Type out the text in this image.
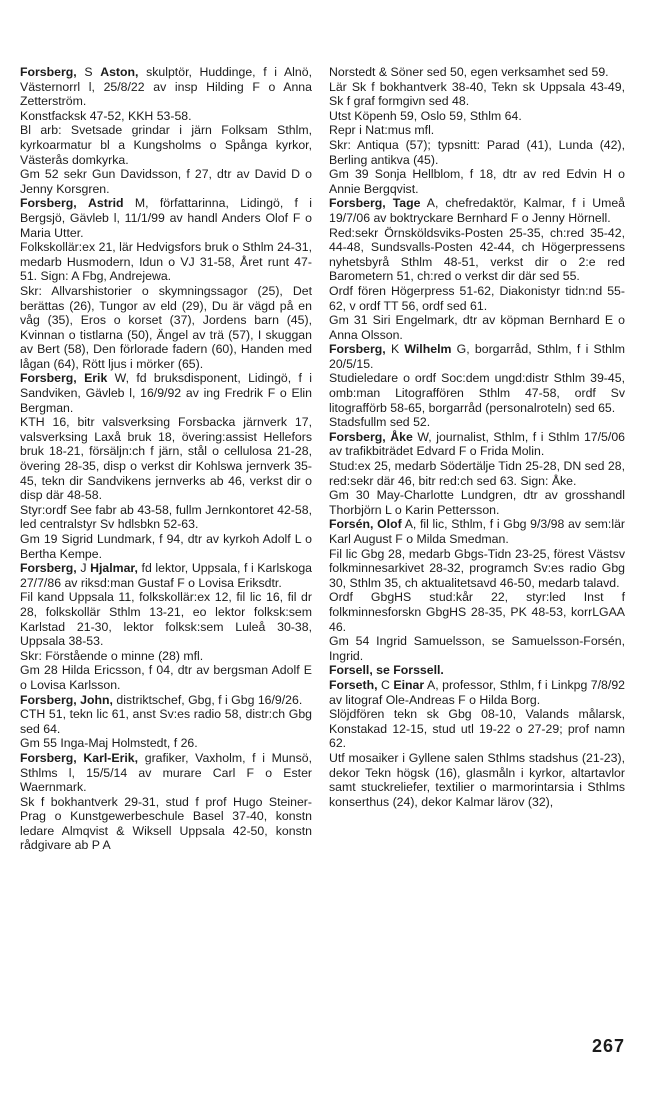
Forsberg, S Aston, skulptör, Huddinge, f i Alnö, Västernorrl l, 25/8/22 av insp Hilding F o Anna Zetterström.

Konstfacksk 47-52, KKH 53-58.

Bl arb: Svetsade grindar i järn Folksam Sthlm, kyrkoarmatur bl a Kungsholms o Spånga kyrkor, Västerås domkyrka.

Gm 52 sekr Gun Davidsson, f 27, dtr av David D o Jenny Korsgren.

Forsberg, Astrid M, författarinna, Lidingö, f i Bergsjö, Gävleb l, 11/1/99 av handl Anders Olof F o Maria Utter.

Folkskollär:ex 21, lär Hedvigsfors bruk o Sthlm 24-31, medarb Husmodern, Idun o VJ 31-58, Året runt 47-51. Sign: A Fbg, Andrejewa.

Skr: Allvarshistorier o skymningssagor (25), Det berättas (26), Tungor av eld (29), Du är vägd på en våg (35), Eros o korset (37), Jordens barn (45), Kvinnan o tistlarna (50), Ängel av trä (57), I skuggan av Bert (58), Den förlorade fadern (60), Handen med lågan (64), Rött ljus i mörker (65).

Forsberg, Erik W, fd bruksdisponent, Lidingö, f i Sandviken, Gävleb l, 16/9/92 av ing Fredrik F o Elin Bergman.

KTH 16, bitr valsverksing Forsbacka järnverk 17, valsverksing Laxå bruk 18, övering:assist Hellefors bruk 18-21, försäljn:ch f järn, stål o cellulosa 21-28, övering 28-35, disp o verkst dir Kohlswa jernverk 35-45, tekn dir Sandvikens jernverks ab 46, verkst dir o disp där 48-58.

Styr:ordf See fabr ab 43-58, fullm Jernkontoret 42-58, led centralstyr Sv hdlsbkn 52-63.

Gm 19 Sigrid Lundmark, f 94, dtr av kyrkoh Adolf L o Bertha Kempe.

Forsberg, J Hjalmar, fd lektor, Uppsala, f i Karlskoga 27/7/86 av riksd:man Gustaf F o Lovisa Eriksdtr.

Fil kand Uppsala 11, folkskollär:ex 12, fil lic 16, fil dr 28, folkskollär Sthlm 13-21, eo lektor folksk:sem Karlstad 21-30, lektor folksk:sem Luleå 30-38, Uppsala 38-53.

Skr: Förstående o minne (28) mfl.

Gm 28 Hilda Ericsson, f 04, dtr av bergsman Adolf E o Lovisa Karlsson.

Forsberg, John, distriktschef, Gbg, f i Gbg 16/9/26.

CTH 51, tekn lic 61, anst Sv:es radio 58, distr:ch Gbg sed 64.

Gm 55 Inga-Maj Holmstedt, f 26.

Forsberg, Karl-Erik, grafiker, Vaxholm, f i Munsö, Sthlms l, 15/5/14 av murare Carl F o Ester Waernmark.

Sk f bokhantverk 29-31, stud f prof Hugo Steiner-Prag o Kunstgewerbeschule Basel 37-40, konstn ledare Almqvist & Wiksell Uppsala 42-50, konstn rådgivare ab P A

Norstedt & Söner sed 50, egen verksamhet sed 59.

Lär Sk f bokhantverk 38-40, Tekn sk Uppsala 43-49, Sk f graf formgivn sed 48.

Utst Köpenh 59, Oslo 59, Sthlm 64.

Repr i Nat:mus mfl.

Skr: Antiqua (57); typsnitt: Parad (41), Lunda (42), Berling antikva (45).

Gm 39 Sonja Hellblom, f 18, dtr av red Edvin H o Annie Bergqvist.

Forsberg, Tage A, chefredaktör, Kalmar, f i Umeå 19/7/06 av boktryckare Bernhard F o Jenny Hörnell.

Red:sekr Örnsköldsviks-Posten 25-35, ch:red 35-42, 44-48, Sundsvalls-Posten 42-44, ch Högerpressens nyhetsbyrå Sthlm 48-51, verkst dir o 2:e red Barometern 51, ch:red o verkst dir där sed 55.

Ordf fören Högerpress 51-62, Diakonistyr tidn:nd 55-62, v ordf TT 56, ordf sed 61.

Gm 31 Siri Engelmark, dtr av köpman Bernhard E o Anna Olsson.

Forsberg, K Wilhelm G, borgarråd, Sthlm, f i Sthlm 20/5/15.

Studieledare o ordf Soc:dem ungd:distr Sthlm 39-45, omb:man Litograffören Sthlm 47-58, ordf Sv litografförb 58-65, borgarråd (personalroteln) sed 65.

Stadsfullm sed 52.

Forsberg, Åke W, journalist, Sthlm, f i Sthlm 17/5/06 av trafikbiträdet Edvard F o Frida Molin.

Stud:ex 25, medarb Södertälje Tidn 25-28, DN sed 28, red:sekr där 46, bitr red:ch sed 63. Sign: Åke.

Gm 30 May-Charlotte Lundgren, dtr av grosshandl Thorbjörn L o Karin Pettersson.

Forsén, Olof A, fil lic, Sthlm, f i Gbg 9/3/98 av sem:lär Karl August F o Milda Smedman.

Fil lic Gbg 28, medarb Gbgs-Tidn 23-25, förest Västsv folkminnesarkivet 28-32, programch Sv:es radio Gbg 30, Sthlm 35, ch aktualitetsavd 46-50, medarb talavd.

Ordf GbgHS stud:kår 22, styr:led Inst f folkminnesforskn GbgHS 28-35, PK 48-53, korrLGAA 46.

Gm 54 Ingrid Samuelsson, se Samuelsson-Forsén, Ingrid.

Forsell, se Forssell.

Forseth, C Einar A, professor, Sthlm, f i Linkpg 7/8/92 av litograf Ole-Andreas F o Hilda Borg.

Slöjdfören tekn sk Gbg 08-10, Valands målarsk, Konstakad 12-15, stud utl 19-22 o 27-29; prof namn 62.

Utf mosaiker i Gyllene salen Sthlms stadshus (21-23), dekor Tekn högsk (16), glasmåln i kyrkor, altartavlor samt stuckreliefer, textilier o marmorintarsia i Sthlms konserthus (24), dekor Kalmar lärov (32),

267
